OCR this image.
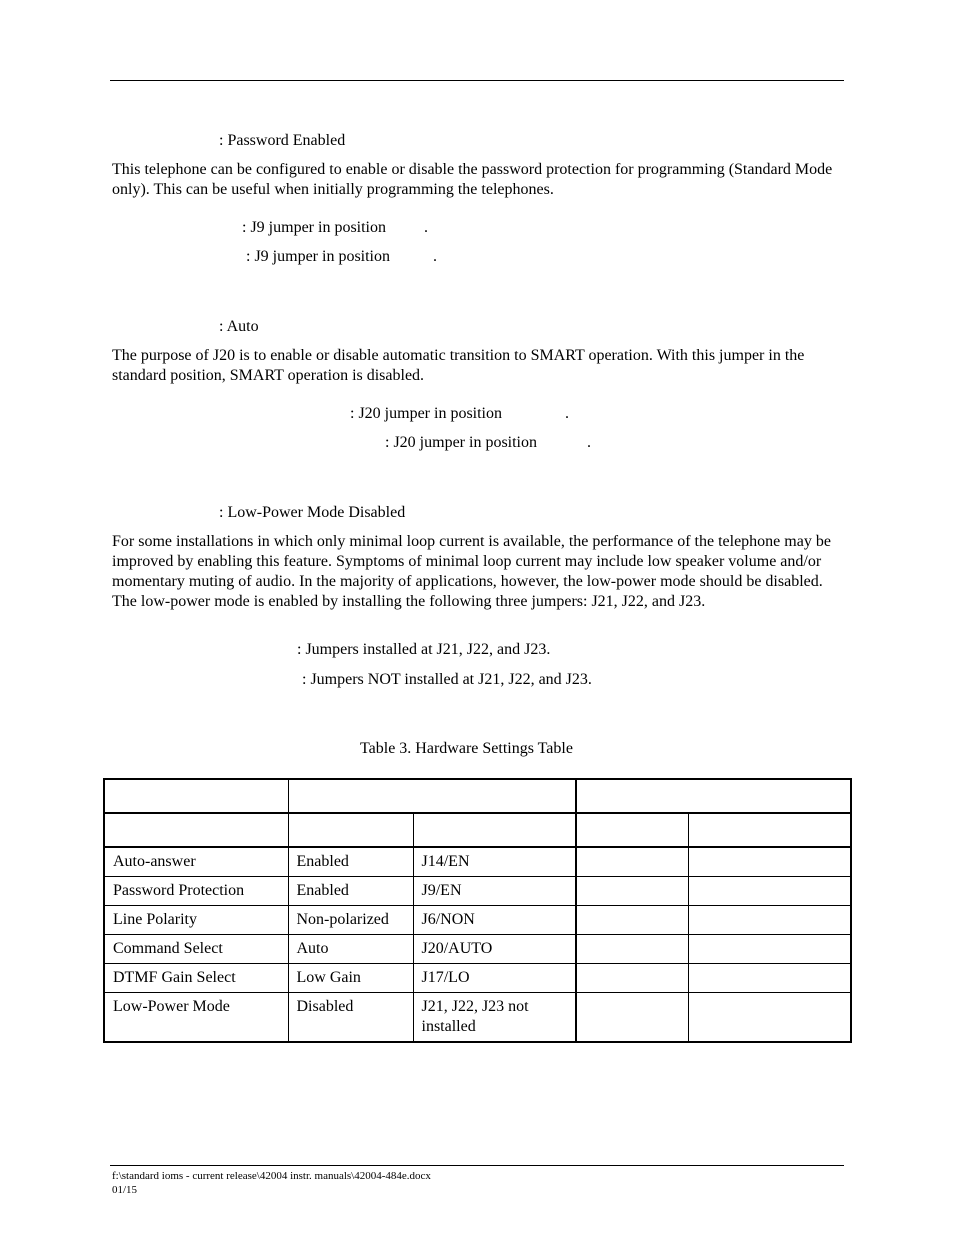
: Password Enabled
This telephone can be configured to enable or disable the password protection for programming (Standard Mode only). This can be useful when initially programming the telephones.
: J9 jumper in position .
: J9 jumper in position	.
: Auto
The purpose of J20 is to enable or disable automatic transition to SMART operation. With this jumper in the standard position, SMART operation is disabled.
: J20 jumper in position	.
: J20 jumper in position	.
: Low-Power Mode Disabled
For some installations in which only minimal loop current is available, the performance of the telephone may be improved by enabling this feature. Symptoms of minimal loop current may include low speaker volume and/or momentary muting of audio. In the majority of applications, however, the low-power mode should be disabled. The low-power mode is enabled by installing the following three jumpers: J21, J22, and J23.
: Jumpers installed at J21, J22, and J23.
: Jumpers NOT installed at J21, J22, and J23.
Table 3. Hardware Settings Table

Auto-answer	Enabled	J14/EN		
Password Protection	Enabled	J9/EN		
Line Polarity	Non-polarized	J6/NON		
Command Select	Auto	J20/AUTO		
DTMF Gain Select	Low Gain	J17/LO		
Low-Power Mode	Disabled	J21, J22, J23 not installed		
f:\standard ioms - current release\42004 instr. manuals\42004-484e.docx
01/15
